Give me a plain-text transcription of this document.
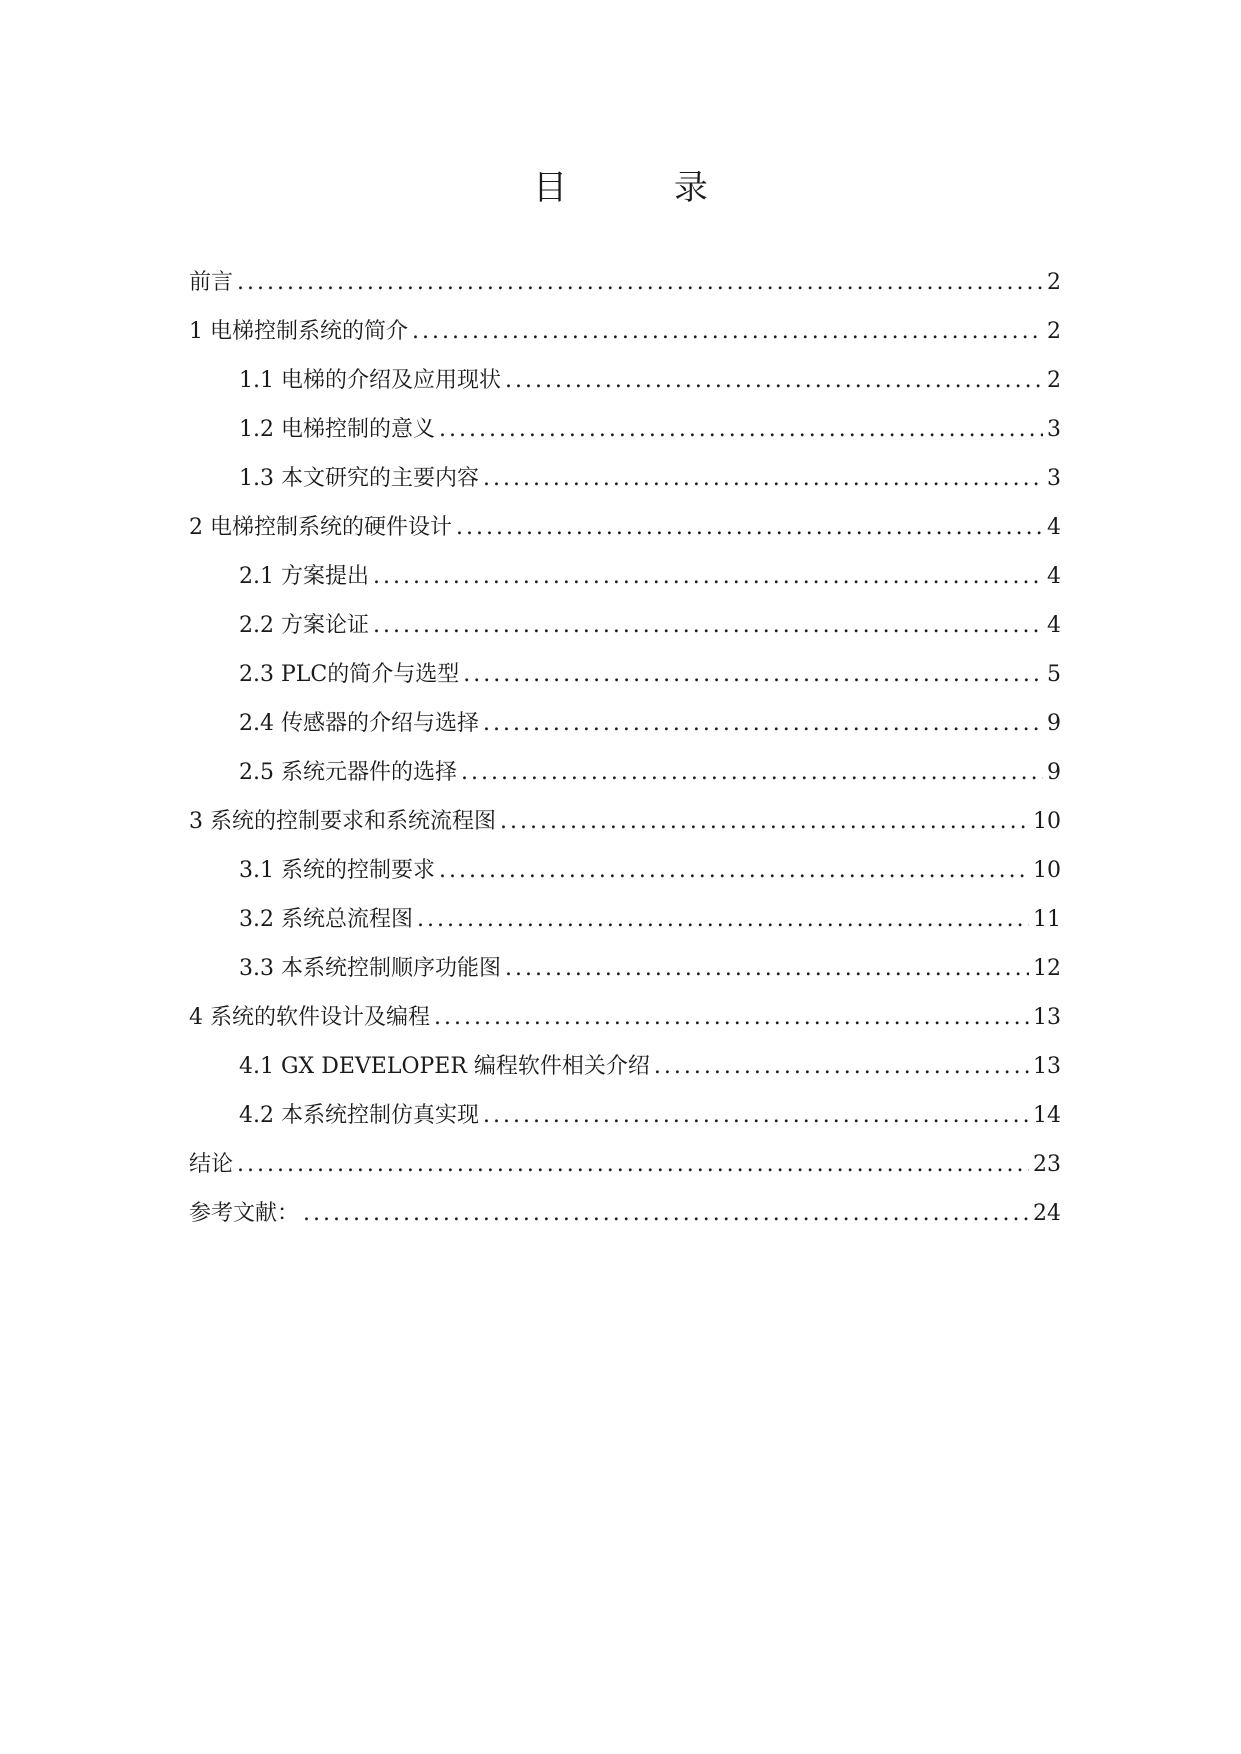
目 录
前言 .....	2
1 电梯控制系统的简介 .....	2
1.1 电梯的介绍及应用现状 .....	2
1.2 电梯控制的意义 .....	3
1.3 本文研究的主要内容 .....	3
2 电梯控制系统的硬件设计 .....	4
2.1 方案提出 .....	4
2.2 方案论证 .....	4
2.3 PLC的简介与选型 .....	5
2.4 传感器的介绍与选择 .....	9
2.5 系统元器件的选择 .....	9
3 系统的控制要求和系统流程图 .....	10
3.1 系统的控制要求 .....	10
3.2 系统总流程图 .....	11
3.3 本系统控制顺序功能图 .....	12
4 系统的软件设计及编程 .....	13
4.1 GX DEVELOPER 编程软件相关介绍 .....	13
4.2 本系统控制仿真实现 .....	14
结论 .....	23
参考文献： .....	24
